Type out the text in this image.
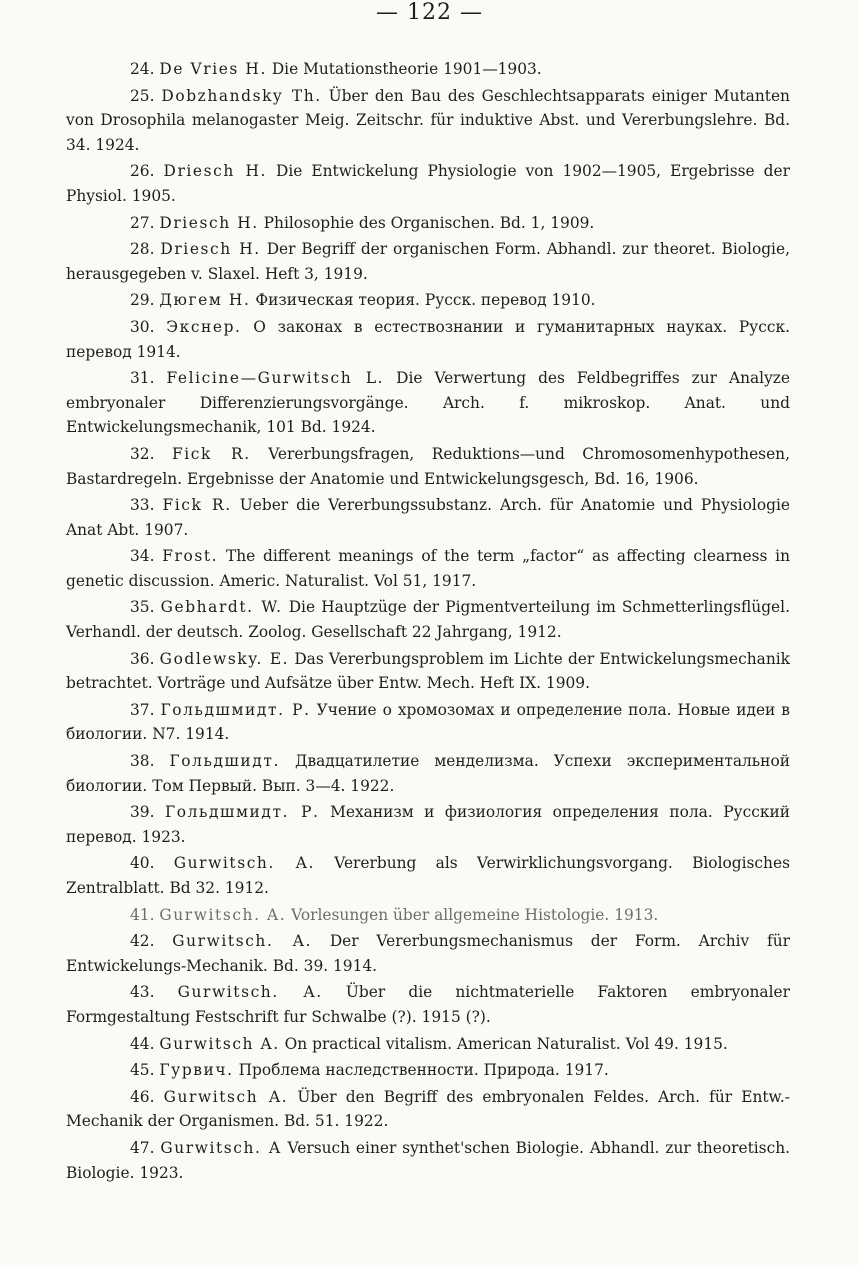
— 122 —

24. De Vries H. Die Mutationstheorie 1901—1903.

25. Dobzhandsky Th. Über den Bau des Geschlechtsapparats einiger Mutanten von Drosophila melanogaster Meig. Zeitschr. für induktive Abst. und Vererbungslehre. Bd. 34. 1924.

26. Driesch H. Die Entwickelung Physiologie von 1902—1905, Ergebrisse der Physiol. 1905.

27. Driesch H. Philosophie des Organischen. Bd. 1, 1909.

28. Driesch H. Der Begriff der organischen Form. Abhandl. zur theoret. Biologie, herausgegeben v. Slaxel. Heft 3, 1919.

29. Дюгем Н. Физическая теория. Русск. перевод 1910.

30. Экснер. О законах в естествознании и гуманитарных науках. Русск. перевод 1914.

31. Felicine—Gurwitsch L. Die Verwertung des Feldbegriffes zur Analyze embryonaler Differenzierungsvorgänge. Arch. f. mikroskop. Anat. und Entwickelungsmechanik, 101 Bd. 1924.

32. Fick R. Vererbungsfragen, Reduktions—und Chromosomenhypothesen, Bastardregeln. Ergebnisse der Anatomie und Entwickelungsgesch, Bd. 16, 1906.

33. Fick R. Ueber die Vererbungssubstanz. Arch. für Anatomie und Physiologie Anat Abt. 1907.

34. Frost. The different meanings of the term „factor“ as affecting clearness in genetic discussion. Americ. Naturalist. Vol 51, 1917.

35. Gebhardt. W. Die Hauptzüge der Pigmentverteilung im Schmetterlingsflügel. Verhandl. der deutsch. Zoolog. Gesellschaft 22 Jahrgang, 1912.

36. Godlewsky. E. Das Vererbungsproblem im Lichte der Entwickelungsmechanik betrachtet. Vorträge und Aufsätze über Entw. Mech. Heft IX. 1909.

37. Гольдшмидт. Р. Учение о хромозомах и определение пола. Новые идеи в биологии. N7. 1914.

38. Гольдшидт. Двадцатилетие менделизма. Успехи экспериментальной биологии. Том Первый. Вып. 3—4. 1922.

39. Гольдшмидт. Р. Механизм и физиология определения пола. Русский перевод. 1923.

40. Gurwitsch. A. Vererbung als Verwirklichungsvorgang. Biologisches Zentralblatt. Bd 32. 1912.

41. Gurwitsch. A. Vorlesungen über allgemeine Histologie. 1913.

42. Gurwitsch. A. Der Vererbungsmechanismus der Form. Archiv für Entwickelungs-Mechanik. Bd. 39. 1914.

43. Gurwitsch. A. Über die nichtmaterielle Faktoren embryonaler Formgestaltung Festschrift fur Schwalbe (?). 1915 (?).

44. Gurwitsch A. On practical vitalism. American Naturalist. Vol 49. 1915.

45. Гурвич. Проблема наследственности. Природа. 1917.

46. Gurwitsch A. Über den Begriff des embryonalen Feldes. Arch. für Entw.-Mechanik der Organismen. Bd. 51. 1922.

47. Gurwitsch. A Versuch einer synthet'schen Biologie. Abhandl. zur theoretisch. Biologie. 1923.
